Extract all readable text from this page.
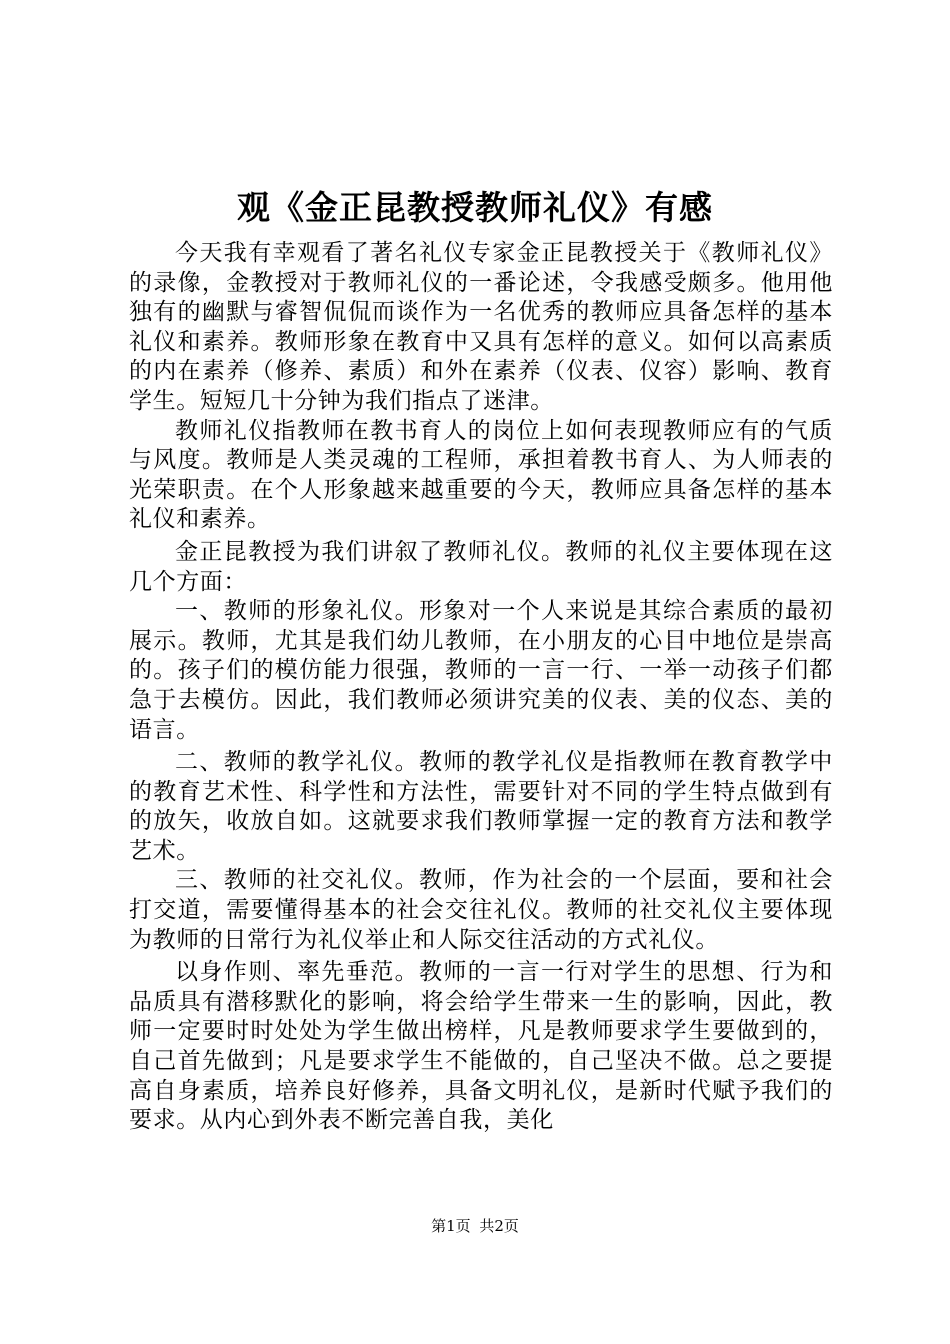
观《金正昆教授教师礼仪》有感

今天我有幸观看了著名礼仪专家金正昆教授关于《教师礼仪》的录像，金教授对于教师礼仪的一番论述，令我感受颇多。他用他独有的幽默与睿智侃侃而谈作为一名优秀的教师应具备怎样的基本礼仪和素养。教师形象在教育中又具有怎样的意义。如何以高素质的内在素养（修养、素质）和外在素养（仪表、仪容）影响、教育学生。短短几十分钟为我们指点了迷津。

教师礼仪指教师在教书育人的岗位上如何表现教师应有的气质与风度。教师是人类灵魂的工程师，承担着教书育人、为人师表的光荣职责。在个人形象越来越重要的今天，教师应具备怎样的基本礼仪和素养。

金正昆教授为我们讲叙了教师礼仪。教师的礼仪主要体现在这几个方面：

一、教师的形象礼仪。形象对一个人来说是其综合素质的最初展示。教师，尤其是我们幼儿教师，在小朋友的心目中地位是崇高的。孩子们的模仿能力很强，教师的一言一行、一举一动孩子们都急于去模仿。因此，我们教师必须讲究美的仪表、美的仪态、美的语言。

二、教师的教学礼仪。教师的教学礼仪是指教师在教育教学中的教育艺术性、科学性和方法性，需要针对不同的学生特点做到有的放矢，收放自如。这就要求我们教师掌握一定的教育方法和教学艺术。

三、教师的社交礼仪。教师，作为社会的一个层面，要和社会打交道，需要懂得基本的社会交往礼仪。教师的社交礼仪主要体现为教师的日常行为礼仪举止和人际交往活动的方式礼仪。

以身作则、率先垂范。教师的一言一行对学生的思想、行为和品质具有潜移默化的影响，将会给学生带来一生的影响，因此，教师一定要时时处处为学生做出榜样，凡是教师要求学生要做到的，自己首先做到；凡是要求学生不能做的，自己坚决不做。总之要提高自身素质，培养良好修养，具备文明礼仪，是新时代赋予我们的要求。从内心到外表不断完善自我，美化

第1页 共2页
